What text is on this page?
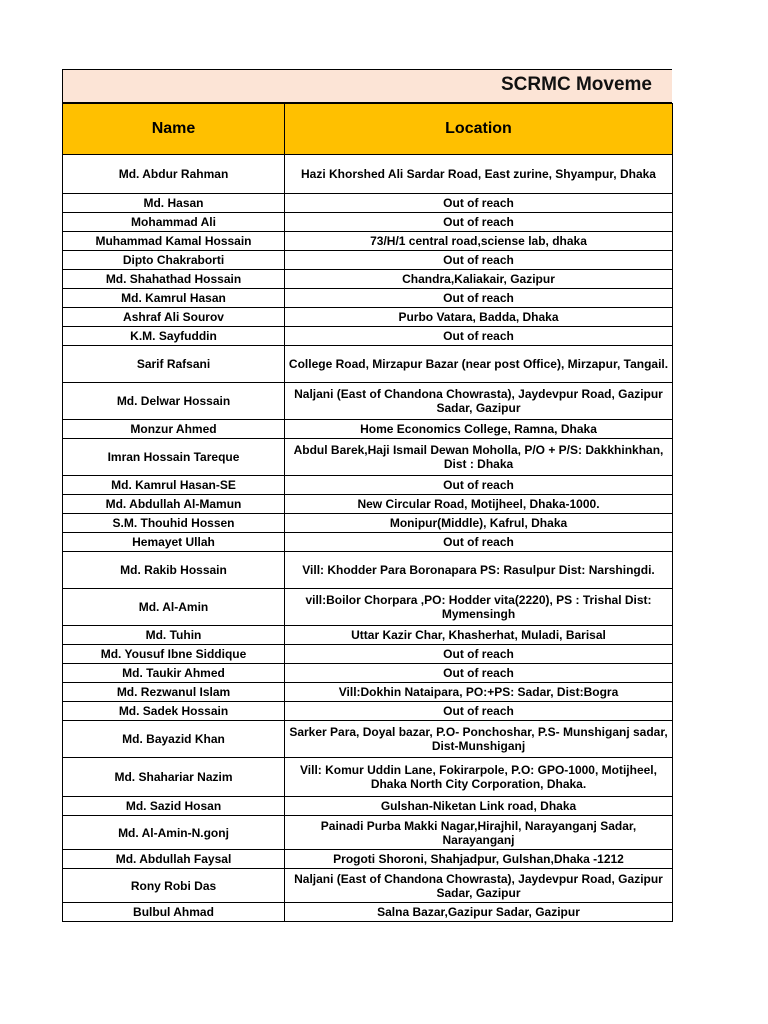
SCRMC Moveme
Name	Location
Md. Abdur Rahman	Hazi Khorshed Ali Sardar Road, East zurine, Shyampur, Dhaka
Md. Hasan	Out of reach
Mohammad Ali	Out of reach
Muhammad Kamal Hossain	73/H/1 central road,sciense lab, dhaka
Dipto Chakraborti	Out of reach
Md. Shahathad Hossain	Chandra,Kaliakair, Gazipur
Md. Kamrul Hasan	Out of reach
Ashraf Ali Sourov	Purbo Vatara, Badda, Dhaka
K.M. Sayfuddin	Out of reach
Sarif Rafsani	College Road, Mirzapur Bazar (near post Office), Mirzapur, Tangail.
Md. Delwar Hossain	Naljani (East of Chandona Chowrasta), Jaydevpur Road, Gazipur Sadar, Gazipur
Monzur Ahmed	Home Economics College, Ramna, Dhaka
Imran Hossain Tareque	Abdul Barek,Haji Ismail Dewan Moholla, P/O + P/S: Dakkhinkhan, Dist : Dhaka
Md. Kamrul Hasan-SE	Out of reach
Md. Abdullah Al-Mamun	New Circular Road, Motijheel, Dhaka-1000.
S.M. Thouhid Hossen	Monipur(Middle), Kafrul, Dhaka
Hemayet Ullah	Out of reach
Md. Rakib Hossain	Vill: Khodder Para Boronapara PS: Rasulpur Dist: Narshingdi.
Md. Al-Amin	vill:Boilor Chorpara ,PO: Hodder vita(2220), PS : Trishal Dist: Mymensingh
Md. Tuhin	Uttar Kazir Char, Khasherhat, Muladi, Barisal
Md. Yousuf Ibne Siddique	Out of reach
Md. Taukir Ahmed	Out of reach
Md. Rezwanul Islam	Vill:Dokhin Nataipara, PO:+PS: Sadar, Dist:Bogra
Md. Sadek Hossain	Out of reach
Md. Bayazid Khan	Sarker Para, Doyal bazar, P.O- Ponchoshar, P.S- Munshiganj sadar, Dist-Munshiganj
Md. Shahariar Nazim	Vill: Komur Uddin Lane, Fokirarpole, P.O: GPO-1000, Motijheel, Dhaka North City Corporation, Dhaka.
Md. Sazid Hosan	Gulshan-Niketan Link road, Dhaka
Md. Al-Amin-N.gonj	Painadi Purba Makki Nagar,Hirajhil, Narayanganj Sadar, Narayanganj
Md. Abdullah Faysal	Progoti Shoroni, Shahjadpur, Gulshan,Dhaka -1212
Rony Robi Das	Naljani (East of Chandona Chowrasta), Jaydevpur Road, Gazipur Sadar, Gazipur
Bulbul Ahmad	Salna Bazar,Gazipur Sadar, Gazipur
